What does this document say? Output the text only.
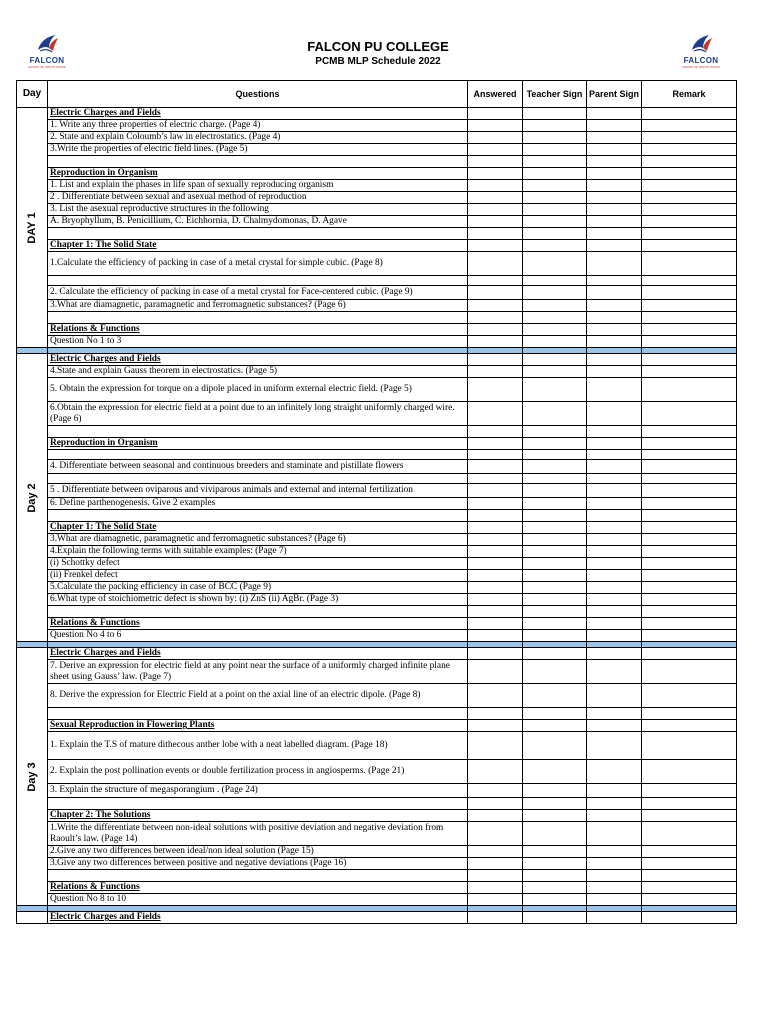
FALCON
GROUP OF INSTITUTIONS
FALCON PU COLLEGE
PCMB MLP Schedule 2022	FALCON
GROUP OF INSTITUTIONS
Day	Questions	Answered	Teacher Sign	Parent Sign	Remark

DAY 1	Electric Charges and Fields				
	1. Write any three properties of electric charge. (Page 4)				
	2. State and explain Coloumb’s law in electrostatics. (Page 4)				
	3.Write the properties of electric field lines. (Page 5)				

	Reproduction in Organism				
	1. List and explain the phases in life span of sexually reproducing organism				
	2 . Differentiate between sexual and asexual method of reproduction				
	3. List the asexual reproductive structures in the following				
	A. Bryophyllum, B. Penicillium, C. Eichhornia, D. Chalmydomonas, D. Agave				

	Chapter 1: The Solid State				
	1.Calculate the efficiency of packing in case of a metal crystal for simple cubic. (Page 8)				

	2. Calculate the efficiency of packing in case of a metal crystal for Face-centered cubic. (Page 9)				
	3.What are diamagnetic, paramagnetic and ferromagnetic substances? (Page 6)				

	Relations & Functions				
	Question No 1 to 3				

Day 2	Electric Charges and Fields				
	4.State and explain Gauss theorem in electrostatics. (Page 5)				
	5. Obtain the expression for torque on a dipole placed in uniform external electric field. (Page 5)				
	6.Obtain the expression for electric field at a point due to an infinitely long straight uniformly charged wire. (Page 6)				

	Reproduction in Organism				

	4. Differentiate between seasonal and continuous breeders and staminate and pistillate flowers				

	5 . Differentiate between oviparous and viviparous animals and external and internal fertilization				
	6. Define parthenogenesis. Give 2 examples				

	Chapter 1: The Solid State				
	3.What are diamagnetic, paramagnetic and ferromagnetic substances? (Page 6)				
	4.Explain the following terms with suitable examples: (Page 7)				
	(i) Schottky defect				
	(ii) Frenkel defect				
	5.Calculate the packing efficiency in case of BCC (Page 9)				
	6.What type of stoichiometric defect is shown by: (i) ZnS (ii) AgBr. (Page 3)				

	Relations & Functions				
	Question No 4 to 6				

Day 3	Electric Charges and Fields				
	7. Derive an expression for electric field at any point near the surface of a uniformly charged infinite plane sheet using Gauss’ law. (Page 7)				
	8. Derive the expression for Electric Field at a point on the axial line of an electric dipole. (Page 8)				

	Sexual Reproduction in Flowering Plants				
	1. Explain the T.S of mature dithecous anther lobe with a neat labelled diagram. (Page 18)				
	2. Explain the post pollination events or double fertilization process in angiosperms. (Page 21)				
	3. Explain the structure of megasporangium . (Page 24)				

	Chapter 2: The Solutions				
	1.Write the differentiate between non-ideal solutions with positive deviation and negative deviation from Raoult’s law. (Page 14)				
	2.Give any two differences between ideal/non ideal solution (Page 15)				
	3.Give any two differences between positive and negative deviations (Page 16)				

	Relations & Functions				
	Question No 8 to 10				

	Electric Charges and Fields				
